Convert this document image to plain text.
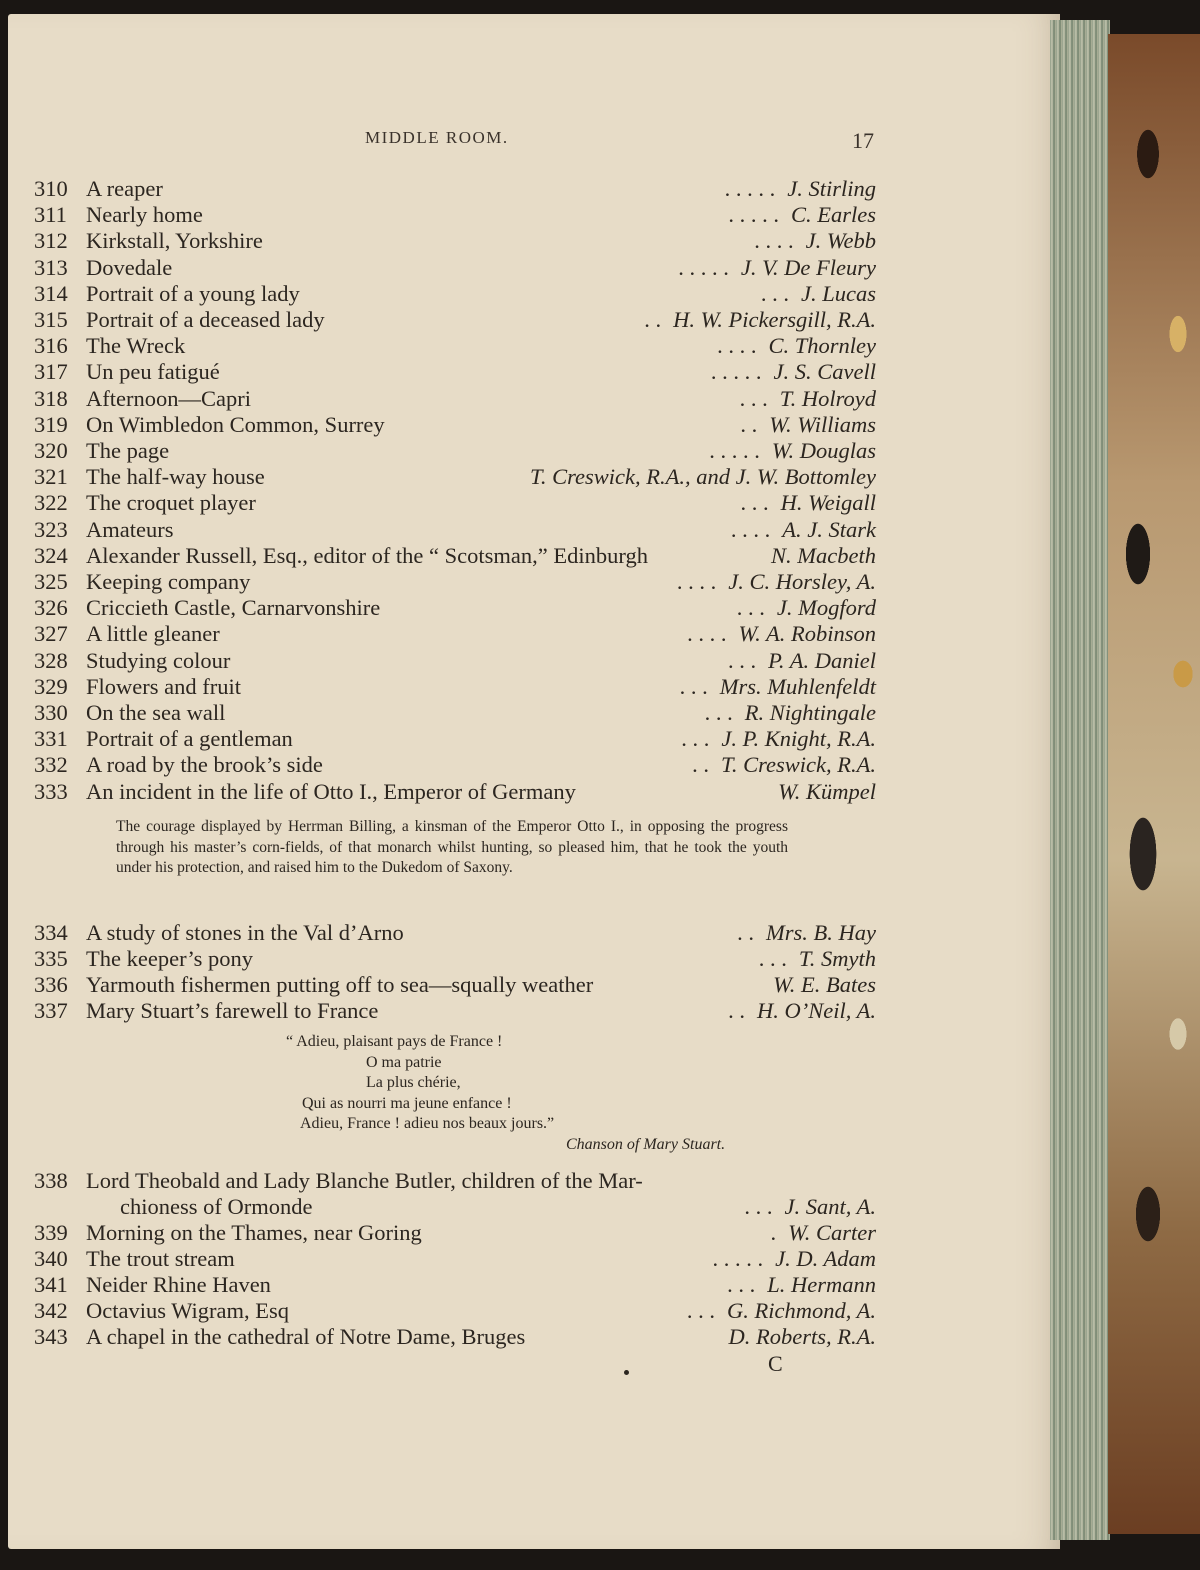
MIDDLE ROOM.	17
310 A reaper	. . . . . J. Stirling
311 Nearly home	. . . . . C. Earles
312 Kirkstall, Yorkshire	. . . . J. Webb
313 Dovedale	. . . . . J. V. De Fleury
314 Portrait of a young lady	. . . J. Lucas
315 Portrait of a deceased lady	. . H. W. Pickersgill, R.A.
316 The Wreck	. . . . C. Thornley
317 Un peu fatigué	. . . . . J. S. Cavell
318 Afternoon—Capri	. . . T. Holroyd
319 On Wimbledon Common, Surrey	. . W. Williams
320 The page	. . . . . W. Douglas
321 The half-way house	T. Creswick, R.A., and J. W. Bottomley
322 The croquet player	. . . H. Weigall
323 Amateurs	. . . . A. J. Stark
324 Alexander Russell, Esq., editor of the “ Scotsman,” Edinburgh	N. Macbeth
325 Keeping company	. . . . J. C. Horsley, A.
326 Criccieth Castle, Carnarvonshire	. . . J. Mogford
327 A little gleaner	. . . . W. A. Robinson
328 Studying colour	. . . P. A. Daniel
329 Flowers and fruit	. . . Mrs. Muhlenfeldt
330 On the sea wall	. . . R. Nightingale
331 Portrait of a gentleman	. . . J. P. Knight, R.A.
332 A road by the brook’s side	. . T. Creswick, R.A.
333 An incident in the life of Otto I., Emperor of Germany	W. Kümpel
The courage displayed by Herrman Billing, a kinsman of the Emperor Otto I., in opposing the progress through his master’s corn-fields, of that monarch whilst hunting, so pleased him, that he took the youth under his protection, and raised him to the Dukedom of Saxony.
334 A study of stones in the Val d’Arno	. . Mrs. B. Hay
335 The keeper’s pony	. . . T. Smyth
336 Yarmouth fishermen putting off to sea—squally weather	W. E. Bates
337 Mary Stuart’s farewell to France	. . H. O’Neil, A.
“ Adieu, plaisant pays de France !
O ma patrie
La plus chérie,
Qui as nourri ma jeune enfance !
Adieu, France ! adieu nos beaux jours.”
Chanson of Mary Stuart.
338 Lord Theobald and Lady Blanche Butler, children of the Mar-
chioness of Ormonde	. . . J. Sant, A.
339 Morning on the Thames, near Goring	. W. Carter
340 The trout stream	. . . . . J. D. Adam
341 Neider Rhine Haven	. . . L. Hermann
342 Octavius Wigram, Esq	. . . G. Richmond, A.
343 A chapel in the cathedral of Notre Dame, Bruges	D. Roberts, R.A.
C
